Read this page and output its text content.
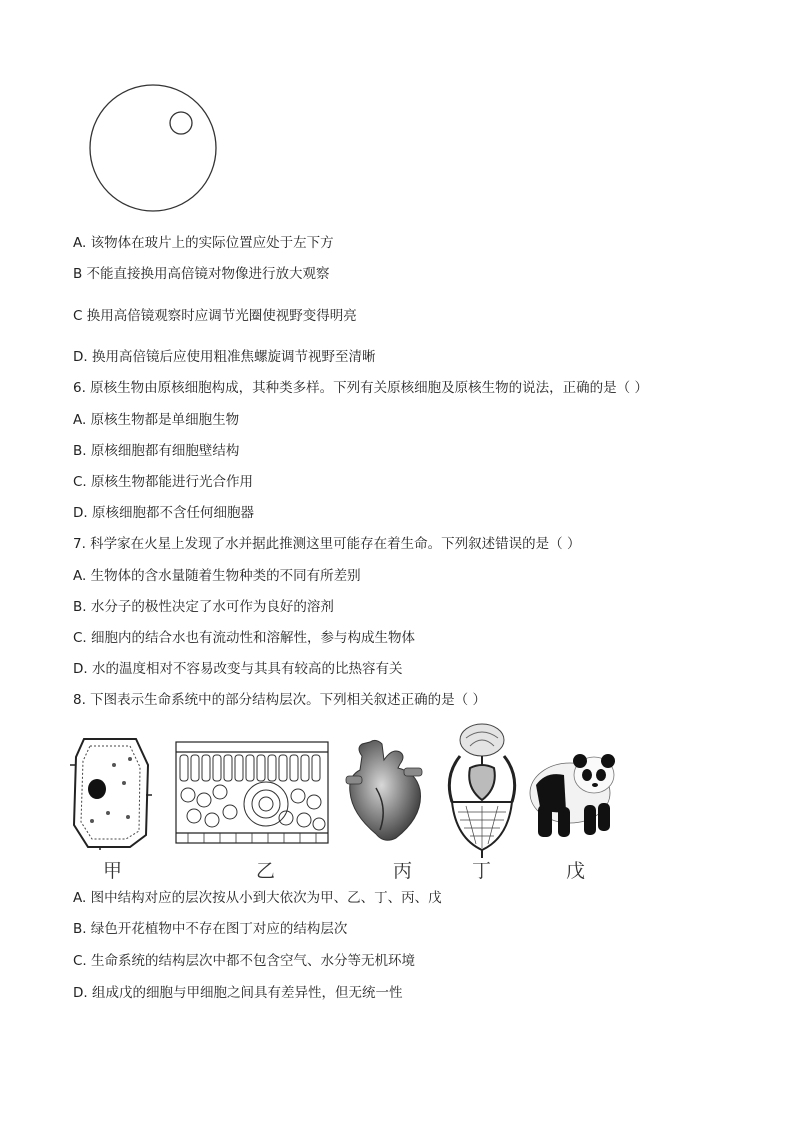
A. 该物体在玻片上的实际位置应处于左下方
B 不能直接换用高倍镜对物像进行放大观察
C 换用高倍镜观察时应调节光圈使视野变得明亮
D. 换用高倍镜后应使用粗准焦螺旋调节视野至清晰
6. 原核生物由原核细胞构成，其种类多样。下列有关原核细胞及原核生物的说法，正确的是（ ）
A. 原核生物都是单细胞生物
B. 原核细胞都有细胞壁结构
C. 原核生物都能进行光合作用
D. 原核细胞都不含任何细胞器
7. 科学家在火星上发现了水并据此推测这里可能存在着生命。下列叙述错误的是（ ）
A. 生物体的含水量随着生物种类的不同有所差别
B. 水分子的极性决定了水可作为良好的溶剂
C. 细胞内的结合水也有流动性和溶解性，参与构成生物体
D. 水的温度相对不容易改变与其具有较高的比热容有关
8. 下图表示生命系统中的部分结构层次。下列相关叙述正确的是（ ）
甲	乙	丙	丁	戊
A. 图中结构对应的层次按从小到大依次为甲、乙、丁、丙、戊
B. 绿色开花植物中不存在图丁对应的结构层次
C. 生命系统的结构层次中都不包含空气、水分等无机环境
D. 组成戊的细胞与甲细胞之间具有差异性，但无统一性
